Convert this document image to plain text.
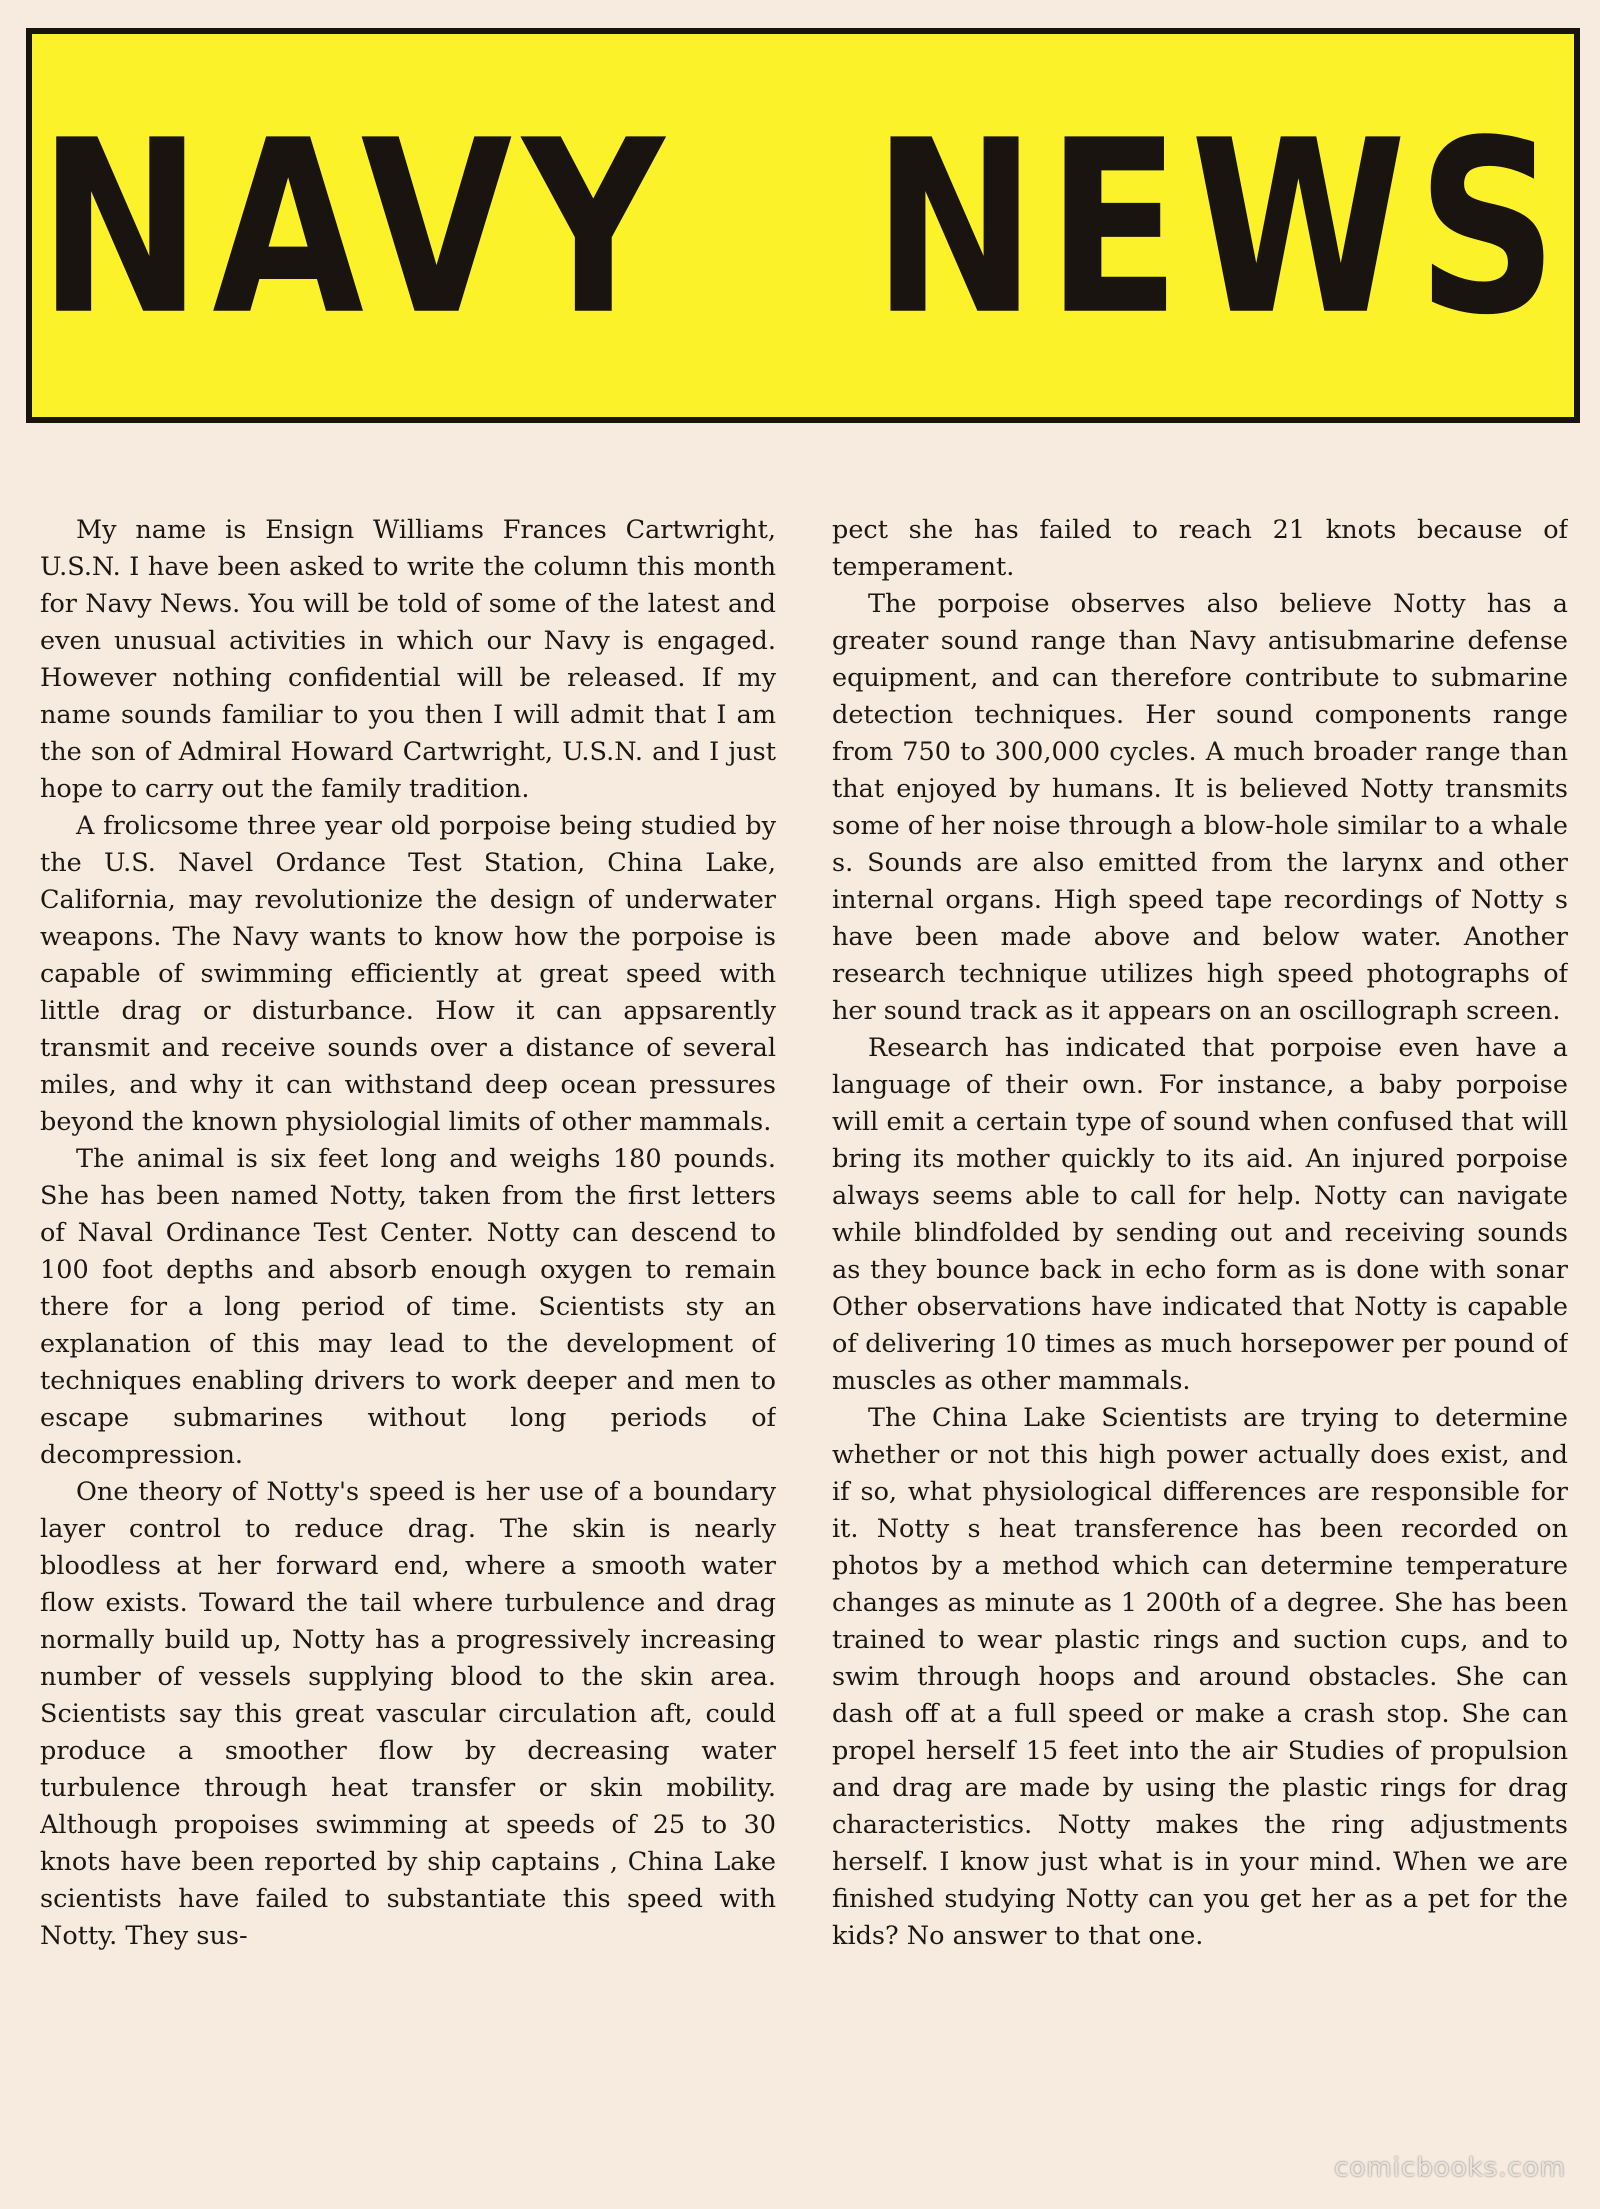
NAVY NEWS

My name is Ensign Williams Frances Cartwright, U.S.N. I have been asked to write the column this month for Navy News. You will be told of some of the latest and even unusual activities in which our Navy is engaged. However nothing confidential will be released. If my name sounds familiar to you then I will admit that I am the son of Admiral Howard Cartwright, U.S.N. and I just hope to carry out the family tradition.

A frolicsome three year old porpoise being studied by the U.S. Navel Ordance Test Station, China Lake, California, may revolutionize the design of underwater weapons. The Navy wants to know how the porpoise is capable of swimming efficiently at great speed with little drag or disturbance. How it can appsarently transmit and receive sounds over a distance of several miles, and why it can withstand deep ocean pressures beyond the known physiologial limits of other mammals.

The animal is six feet long and weighs 180 pounds. She has been named Notty, taken from the first letters of Naval Ordinance Test Center. Notty can descend to 100 foot depths and absorb enough oxygen to remain there for a long period of time. Scientists sty an explanation of this may lead to the development of techniques enabling drivers to work deeper and men to escape submarines without long periods of decompression.

One theory of Notty's speed is her use of a boundary layer control to reduce drag. The skin is nearly bloodless at her forward end, where a smooth water flow exists. Toward the tail where turbulence and drag normally build up, Notty has a progressively increasing number of vessels supplying blood to the skin area. Scientists say this great vascular circulation aft, could produce a smoother flow by decreasing water turbulence through heat transfer or skin mobility. Although propoises swimming at speeds of 25 to 30 knots have been reported by ship captains , China Lake scientists have failed to substantiate this speed with Notty. They sus-

pect she has failed to reach 21 knots because of temperament.

The porpoise observes also believe Notty has a greater sound range than Navy antisubmarine defense equipment, and can therefore contribute to submarine detection techniques. Her sound components range from 750 to 300,000 cycles. A much broader range than that enjoyed by humans. It is believed Notty transmits some of her noise through a blow-hole similar to a whale s. Sounds are also emitted from the larynx and other internal organs. High speed tape recordings of Notty s have been made above and below water. Another research technique utilizes high speed photographs of her sound track as it appears on an oscillograph screen.

Research has indicated that porpoise even have a language of their own. For instance, a baby porpoise will emit a certain type of sound when confused that will bring its mother quickly to its aid. An injured porpoise always seems able to call for help. Notty can navigate while blindfolded by sending out and receiving sounds as they bounce back in echo form as is done with sonar Other observations have indicated that Notty is capable of delivering 10 times as much horsepower per pound of muscles as other mammals.

The China Lake Scientists are trying to determine whether or not this high power actually does exist, and if so, what physiological differences are responsible for it. Notty s heat transference has been recorded on photos by a method which can determine temperature changes as minute as 1 200th of a degree. She has been trained to wear plastic rings and suction cups, and to swim through hoops and around obstacles. She can dash off at a full speed or make a crash stop. She can propel herself 15 feet into the air Studies of propulsion and drag are made by using the plastic rings for drag characteristics. Notty makes the ring adjustments herself. I know just what is in your mind. When we are finished studying Notty can you get her as a pet for the kids? No answer to that one.

comicbooks.com
